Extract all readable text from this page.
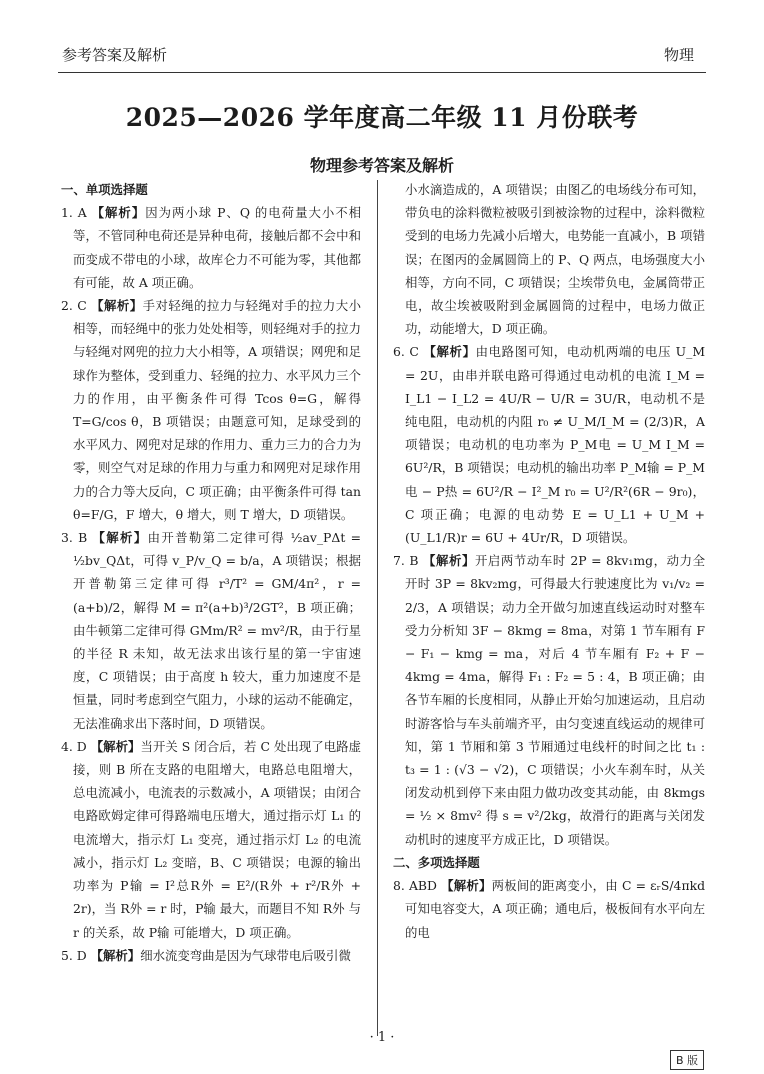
参考答案及解析	物理
2025—2026 学年度高二年级 11 月份联考
物理参考答案及解析
一、单项选择题

1. A 【解析】因为两小球 P、Q 的电荷量大小不相等，不管同种电荷还是异种电荷，接触后都不会中和而变成不带电的小球，故库仑力不可能为零，其他都有可能，故 A 项正确。

2. C 【解析】手对轻绳的拉力与轻绳对手的拉力大小相等，而轻绳中的张力处处相等，则轻绳对手的拉力与轻绳对网兜的拉力大小相等，A 项错误；网兜和足球作为整体，受到重力、轻绳的拉力、水平风力三个力的作用，由平衡条件可得 Tcos θ=G，解得 T=G/cos θ，B 项错误；由题意可知，足球受到的水平风力、网兜对足球的作用力、重力三力的合力为零，则空气对足球的作用力与重力和网兜对足球作用力的合力等大反向，C 项正确；由平衡条件可得 tan θ=F/G，F 增大，θ 增大，则 T 增大，D 项错误。

3. B 【解析】由开普勒第二定律可得 ½av_PΔt = ½bv_QΔt，可得 v_P/v_Q = b/a，A 项错误；根据开普勒第三定律可得 r³/T² = GM/4π²，r = (a+b)/2，解得 M = π²(a+b)³/2GT²，B 项正确；由牛顿第二定律可得 GMm/R² = mv²/R，由于行星的半径 R 未知，故无法求出该行星的第一宇宙速度，C 项错误；由于高度 h 较大，重力加速度不是恒量，同时考虑到空气阻力，小球的运动不能确定，无法准确求出下落时间，D 项错误。

4. D 【解析】当开关 S 闭合后，若 C 处出现了电路虚接，则 B 所在支路的电阻增大，电路总电阻增大，总电流减小，电流表的示数减小，A 项错误；由闭合电路欧姆定律可得路端电压增大，通过指示灯 L₁ 的电流增大，指示灯 L₁ 变亮，通过指示灯 L₂ 的电流减小，指示灯 L₂ 变暗，B、C 项错误；电源的输出功率为 P输 = I²总R外 = E²/(R外 + r²/R外 + 2r)，当 R外 = r 时，P输 最大，而题目不知 R外 与 r 的关系，故 P输 可能增大，D 项正确。

5. D 【解析】细水流变弯曲是因为气球带电后吸引微

小水滴造成的，A 项错误；由图乙的电场线分布可知，带负电的涂料微粒被吸引到被涂物的过程中，涂料微粒受到的电场力先减小后增大，电势能一直减小，B 项错误；在图丙的金属圆筒上的 P、Q 两点，电场强度大小相等，方向不同，C 项错误；尘埃带负电，金属筒带正电，故尘埃被吸附到金属圆筒的过程中，电场力做正功，动能增大，D 项正确。

6. C 【解析】由电路图可知，电动机两端的电压 U_M = 2U，由串并联电路可得通过电动机的电流 I_M = I_L1 − I_L2 = 4U/R − U/R = 3U/R，电动机不是纯电阻，电动机的内阻 r₀ ≠ U_M/I_M = (2/3)R，A 项错误；电动机的电功率为 P_M电 = U_M I_M = 6U²/R，B 项错误；电动机的输出功率 P_M输 = P_M电 − P热 = 6U²/R − I²_M r₀ = U²/R²(6R − 9r₀)，C 项正确；电源的电动势 E = U_L1 + U_M + (U_L1/R)r = 6U + 4Ur/R，D 项错误。

7. B 【解析】开启两节动车时 2P = 8kv₁mg，动力全开时 3P = 8kv₂mg，可得最大行驶速度比为 v₁/v₂ = 2/3，A 项错误；动力全开做匀加速直线运动时对整车受力分析知 3F − 8kmg = 8ma，对第 1 节车厢有 F − F₁ − kmg = ma，对后 4 节车厢有 F₂ + F − 4kmg = 4ma，解得 F₁ : F₂ = 5 : 4，B 项正确；由各节车厢的长度相同，从静止开始匀加速运动，且启动时游客恰与车头前端齐平，由匀变速直线运动的规律可知，第 1 节厢和第 3 节厢通过电线杆的时间之比 t₁ : t₃ = 1 : (√3 − √2)，C 项错误；小火车刹车时，从关闭发动机到停下来由阻力做功改变其动能，由 8kmgs = ½ × 8mv² 得 s = v²/2kg，故滑行的距离与关闭发动机时的速度平方成正比，D 项错误。

二、多项选择题

8. ABD 【解析】两板间的距离变小，由 C = εᵣS/4πkd 可知电容变大，A 项正确；通电后，极板间有水平向左的电

· 1 ·
B 版
